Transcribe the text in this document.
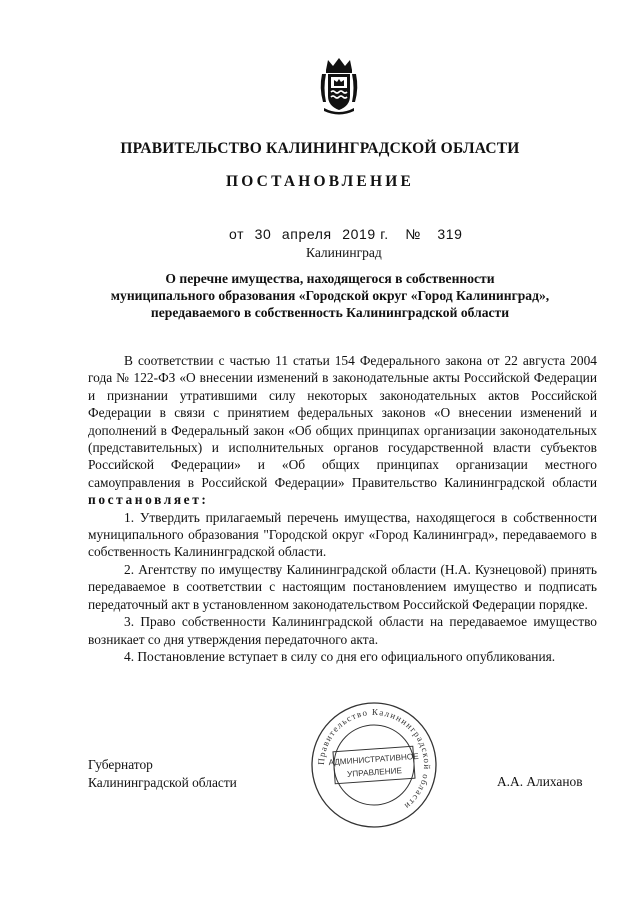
ПРАВИТЕЛЬСТВО КАЛИНИНГРАДСКОЙ ОБЛАСТИ
ПОСТАНОВЛЕНИЕ
от 30 апреля 2019 г. № 319
Калининград
О перечне имущества, находящегося в собственности
муниципального образования «Городской округ «Город Калининград»,
передаваемого в собственность Калининградской области

В соответствии с частью 11 статьи 154 Федерального закона от 22 августа 2004 года № 122-ФЗ «О внесении изменений в законодательные акты Российской Федерации и признании утратившими силу некоторых законодательных актов Российской Федерации в связи с принятием федеральных законов «О внесении изменений и дополнений в Федеральный закон «Об общих принципах организации законодательных (представительных) и исполнительных органов государственной власти субъектов Российской Федерации» и «Об общих принципах организации местного самоуправления в Российской Федерации» Правительство Калининградской области постановляет:

1. Утвердить прилагаемый перечень имущества, находящегося в собственности муниципального образования "Городской округ «Город Калининград», передаваемого в собственность Калининградской области.

2. Агентству по имуществу Калининградской области (Н.А. Кузнецовой) принять передаваемое в соответствии с настоящим постановлением имущество и подписать передаточный акт в установленном законодательством Российской Федерации порядке.

3. Право собственности Калининградской области на передаваемое имущество возникает со дня утверждения передаточного акта.

4. Постановление вступает в силу со дня его официального опубликования.

Правительство Калининградской области
АДМИНИСТРАТИВНОЕ
УПРАВЛЕНИЕ
Губернатор
Калининградской области	А.А. Алиханов
